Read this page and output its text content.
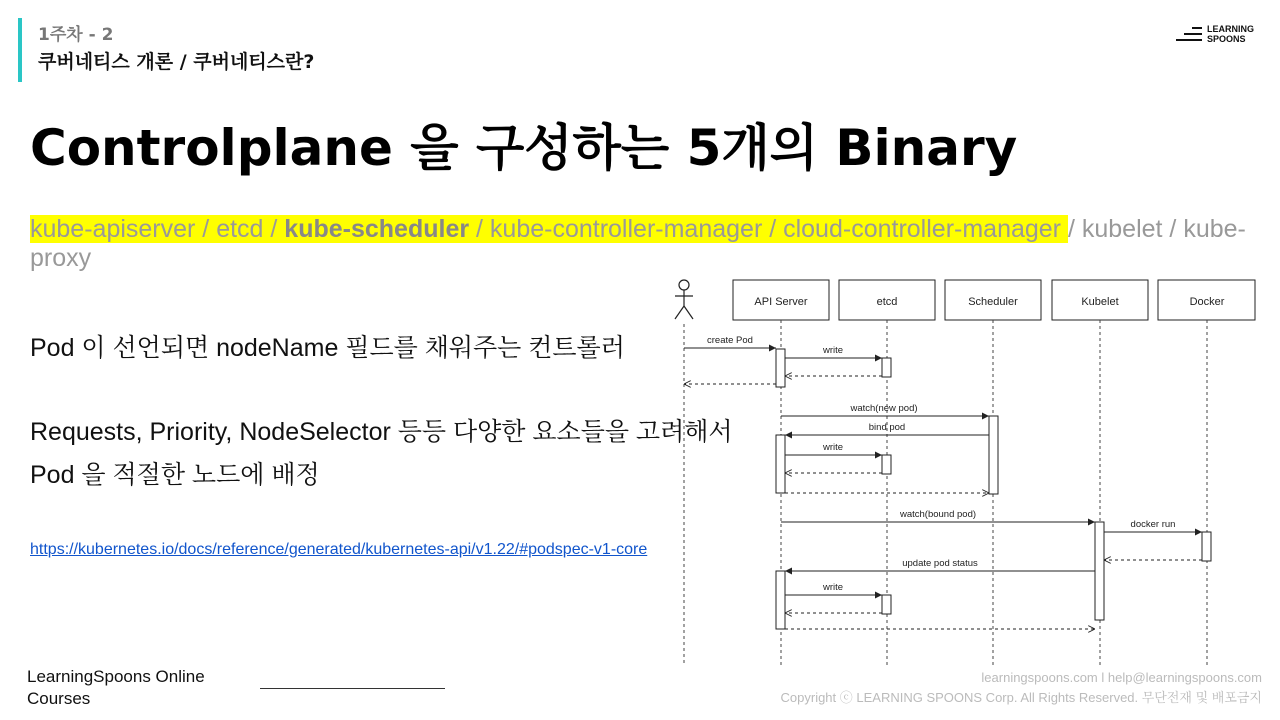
1주차 - 2
쿠버네티스 개론 / 쿠버네티스란?
LEARNING
SPOONS
Controlplane 을 구성하는 5개의 Binary
kube-apiserver / etcd / kube-scheduler / kube-controller-manager / cloud-controller-manager / kubelet / kube-proxy
Pod 이 선언되면 nodeName 필드를 채워주는 컨트롤러
Requests, Priority, NodeSelector 등등 다양한 요소들을 고려해서
Pod 을 적절한 노드에 배정
https://kubernetes.io/docs/reference/generated/kubernetes-api/v1.22/#podspec-v1-core
API Server	etcd	Scheduler	Kubelet	Docker
create Pod
write
watch(new pod)
bind pod
write
watch(bound pod)
docker run
update pod status
write
LearningSpoons Online Courses
learningspoons.com l help@learningspoons.com
Copyright ⓒ LEARNING SPOONS Corp. All Rights Reserved. 무단전재 및 배포금지
